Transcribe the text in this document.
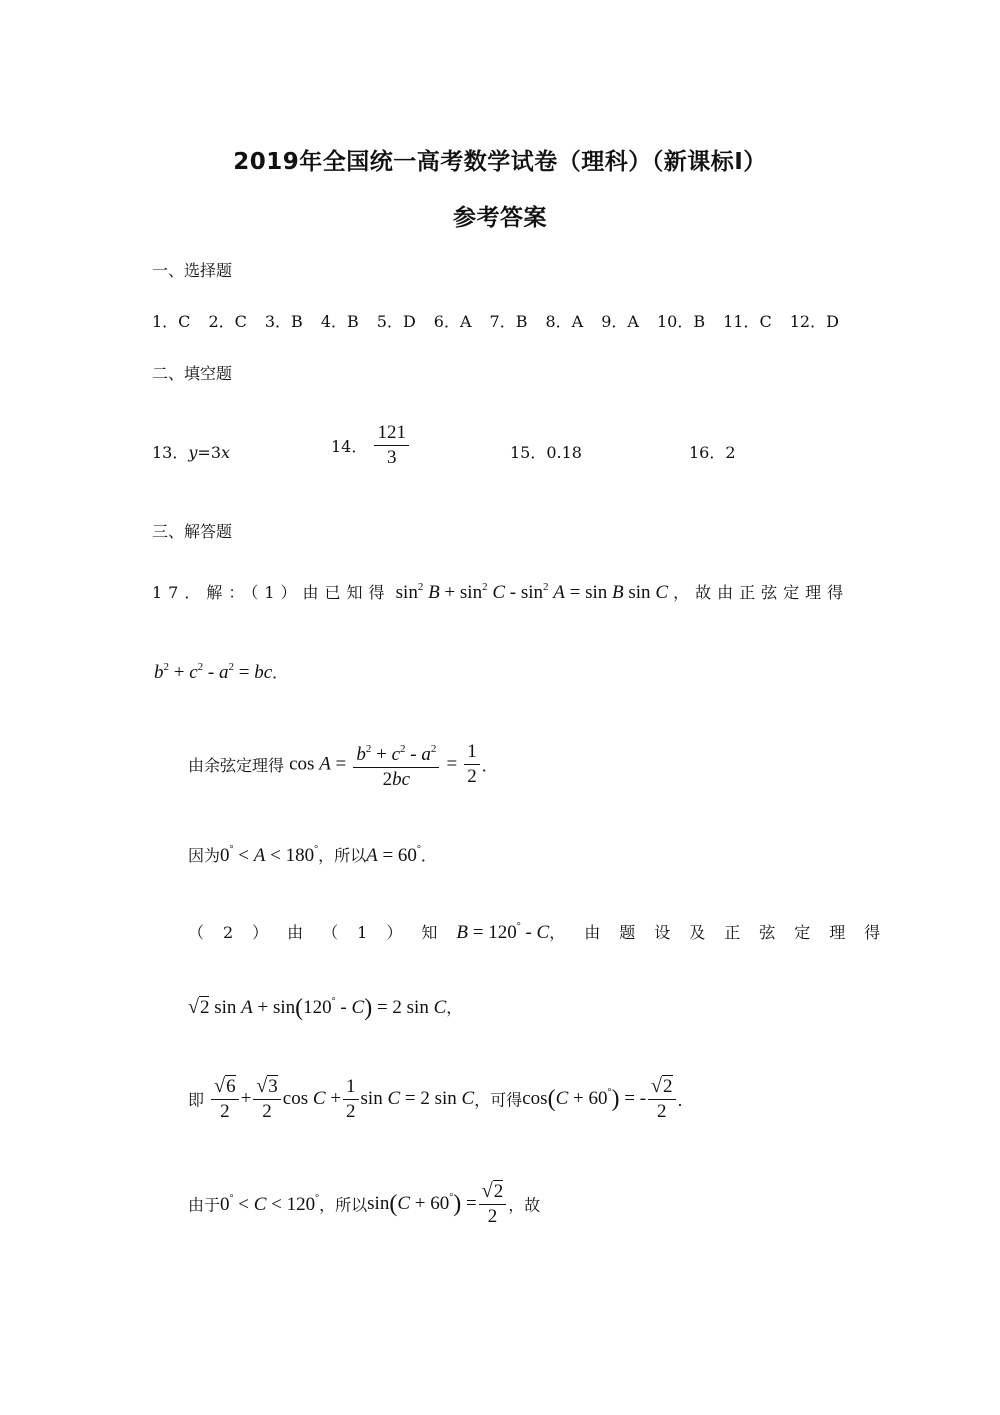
2019年全国统一高考数学试卷（理科）（新课标Ⅰ）
参考答案
一、选择题
1．C 2．C 3．B 4．B 5．D 6．A 7．B 8．A 9．A 10．B 11．C 12．D
二、填空题
13．y=3x	14． $\frac{121}{3}$	15．0.18	16．2
三、解答题
17．解：（1）由已知得 $\sin^2 B + \sin^2 C - \sin^2 A = \sin B$ sin C ，故由正弦定理得
$b^2 + c^2 - a^2$ = bc．
由余弦定理得 $\cos A = \frac{b^2 + c^2 - a^2}{2bc} = \frac{1}{2}$ ．
因为0° < A < 180°，所以A = 60°．
（2）由（1）知B = 120° - C，由题设及正弦定理得
√2 sin A + sin(120° - C) = 2 sin C，
即 $\frac{√6}{2} + \frac{√3}{2}$ $\cos C + \frac{1}{2}$ sin C = 2 sin C，可得cos(C + 60°) = - $\frac{√2}{2}$ ．
由于0° < C < 120°，所以$\sin(C + 60^\circ) = \frac{√2}{2}$ ，故
